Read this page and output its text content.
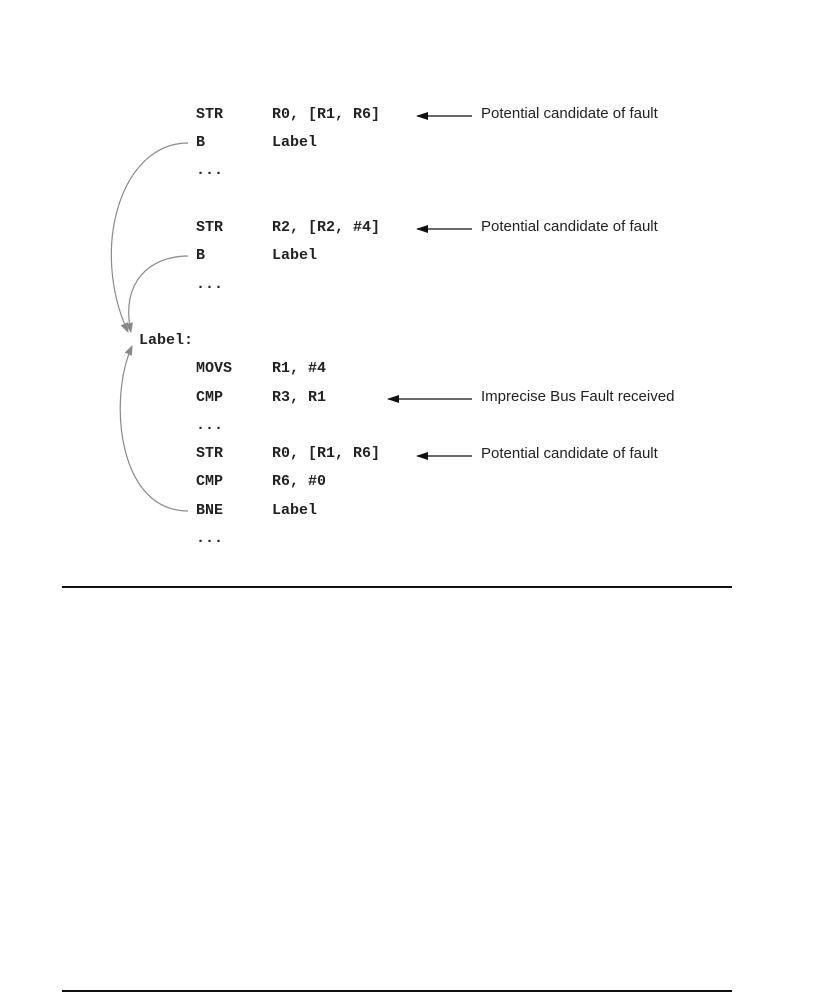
STR	R0, [R1, R6]
B	Label
...
STR	R2, [R2, #4]
B	Label
...
Label:
MOVS	R1, #4
CMP	R3, R1
...
STR	R0, [R1, R6]
CMP	R6, #0
BNE	Label
...
Potential candidate of fault
Potential candidate of fault
Imprecise Bus Fault received
Potential candidate of fault
